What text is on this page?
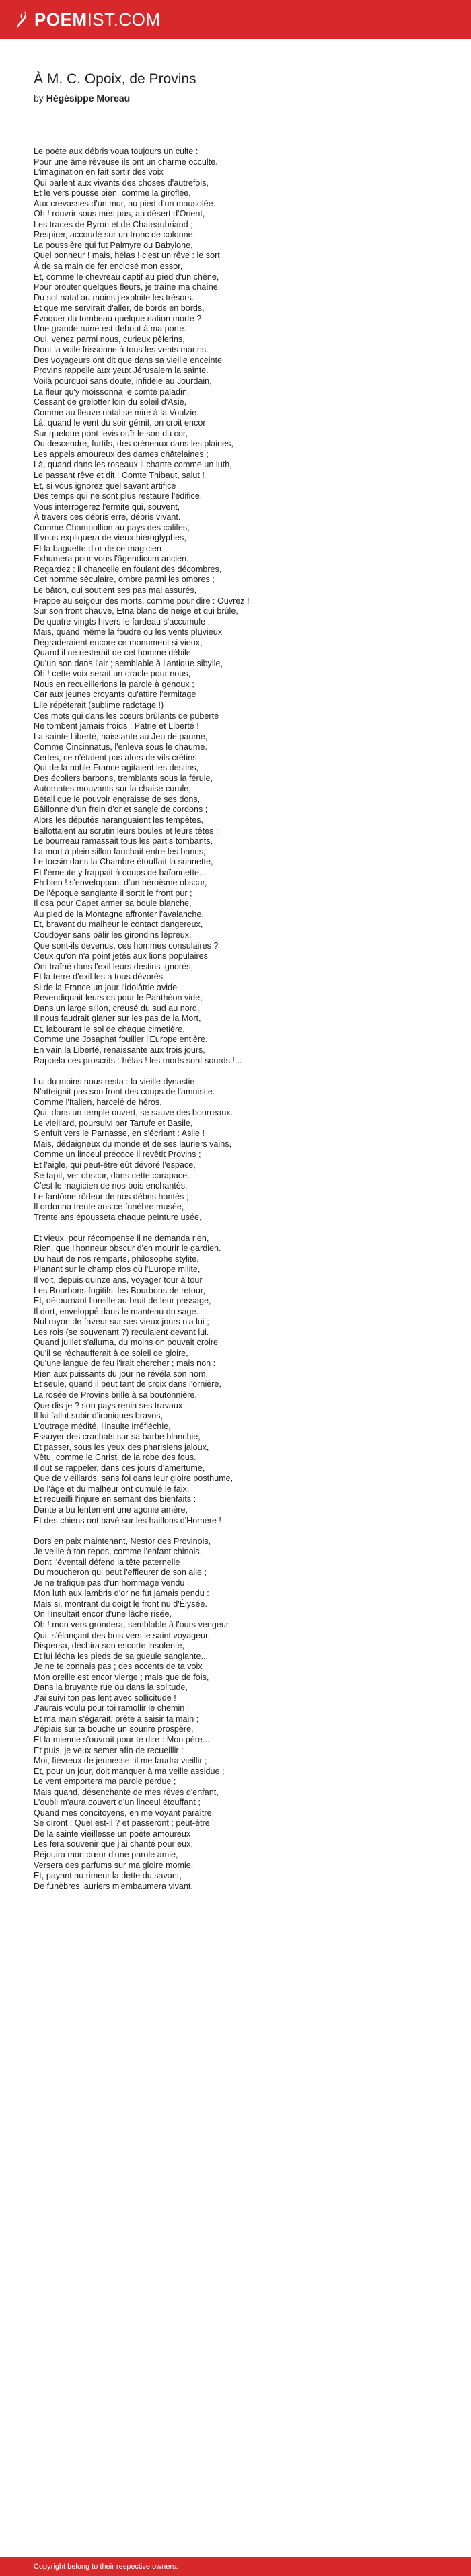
POEMIST.COM
À M. C. Opoix, de Provins
by Hégésippe Moreau
Le poète aux débris voua toujours un culte :
Pour une âme rêveuse ils ont un charme occulte.
L'imagination en fait sortir des voix
Qui parlent aux vivants des choses d'autrefois,
Et le vers pousse bien, comme la giroflée,
Aux crevasses d'un mur, au pied d'un mausolée.
Oh ! rouvrir sous mes pas, au désert d'Orient,
Les traces de Byron et de Chateaubriand ;
Respirer, accoudé sur un tronc de colonne,
La poussière qui fut Palmyre ou Babylone,
Quel bonheur ! mais, hélas ! c'est un rêve : le sort
À de sa main de fer enclosé mon essor,
Et, comme le chevreau captif au pied d'un chêne,
Pour brouter quelques fleurs, je traîne ma chaîne.
Du sol natal au moins j'exploite les trésors.
Et que me serviraît d'aller, de bords en bords,
Évoquer du tombeau quelque nation morte ?
Une grande ruine est debout à ma porte.
Oui, venez parmi nous, curieux pèlerins,
Dont la voile frissonne à tous les vents marins.
Des voyageurs ont dit que dans sa vieille enceinte
Provins rappelle aux yeux Jérusalem la sainte.
Voilà pourquoi sans doute, infidèle au Jourdain,
La fleur qu'y moissonna le comte paladin,
Cessant de grelotter loin du soleil d'Asie,
Comme au fleuve natal se mire à la Voulzie.
Là, quand le vent du soir gémit, on croit encor
Sur quelque pont-levis ouïr le son du cor,
Ou descendre, furtifs, des créneaux dans les plaines,
Les appels amoureux des dames châtelaines ;
Là, quand dans les roseaux il chante comme un luth,
Le passant rêve et dit : Comte Thibaut, salut !
Et, si vous ignorez quel savant artifice
Des temps qui ne sont plus restaure l'édifice,
Vous interrogerez l'ermite qui, souvent,
À travers ces débris erre, débris vivant.
Comme Champollion au pays des califes,
Il vous expliquera de vieux hiéroglyphes,
Et la baguette d'or de ce magicien
Exhumera pour vous l'âgendicum ancien.
Regardez : il chancelle en foulant des décombres,
Cet homme séculaire, ombre parmi les ombres ;
Le bâton, qui soutient ses pas mal assurés,
Frappe au seigour des morts, comme pour dire : Ouvrez !
Sur son front chauve, Etna blanc de neige et qui brûle,
De quatre-vingts hivers le fardeau s'accumule ;
Mais, quand même la foudre ou les vents pluvieux
Dégraderaient encore ce monument si vieux,
Quand il ne resterait de cet homme débile
Qu'un son dans l'air ; semblable à l'antique sibylle,
Oh ! cette voix serait un oracle pour nous,
Nous en recueillerions la parole à genoux ;
Car aux jeunes croyants qu'attire l'ermitage
Elle répéterait (sublime radotage !)
Ces mots qui dans les cœurs brûlants de puberté
Ne tombent jamais froids : Patrie et Liberté !
La sainte Liberté, naissante au Jeu de paume,
Comme Cincinnatus, l'enleva sous le chaume.
Certes, ce n'étaient pas alors de vils crétins
Qui de la noble France agitaient les destins,
Des écoliers barbons, tremblants sous la férule,
Automates mouvants sur la chaise curule,
Bétail que le pouvoir engraisse de ses dons,
Bâillonne d'un frein d'or et sangle de cordons ;
Alors les députés haranguaient les tempêtes,
Ballottaient au scrutin leurs boules et leurs têtes ;
Le bourreau ramassait tous les partis tombants,
La mort à plein sillon fauchait entre les bancs,
Le tocsin dans la Chambre étouffait la sonnette,
Et l'émeute y frappait à coups de baïonnette...
Eh bien ! s'enveloppant d'un héroïsme obscur,
De l'époque sanglante il sortit le front pur ;
Il osa pour Capet armer sa boule blanche,
Au pied de la Montagne affronter l'avalanche,
Et, bravant du malheur le contact dangereux,
Coudoyer sans pâlir les girondins lépreux.
Que sont-ils devenus, ces hommes consulaires ?
Ceux qu'on n'a point jetés aux lions populaires
Ont traîné dans l'exil leurs destins ignorés,
Et la terre d'exil les a tous dévorés.
Si de la France un jour l'idolâtrie avide
Revendiquait leurs os pour le Panthéon vide,
Dans un large sillon, creusé du sud au nord,
Il nous faudrait glaner sur les pas de la Mort,
Et, labourant le sol de chaque cimetière,
Comme une Josaphat fouiller l'Europe entière.
En vain la Liberté, renaissante aux trois jours,
Rappela ces proscrits : hélas ! les morts sont sourds !...
Lui du moins nous resta : la vieille dynastie
N'atteignit pas son front des coups de l'amnistie.
Comme l'Italien, harcelé de héros,
Qui, dans un temple ouvert, se sauve des bourreaux.
Le vieillard, poursuivi par Tartufe et Basile,
S'enfuit vers le Parnasse, en s'écriant : Asile !
Mais, dédaigneux du monde et de ses lauriers vains,
Comme un linceul précoce il revêtit Provins ;
Et l'aigle, qui peut-être eût dévoré l'espace,
Se tapit, ver obscur, dans cette carapace.
C'est le magicien de nos bois enchantés,
Le fantôme rôdeur de nos débris hantés ;
Il ordonna trente ans ce funèbre musée,
Trente ans épousseta chaque peinture usée,
Et vieux, pour récompense il ne demanda rien,
Rien, que l'honneur obscur d'en mourir le gardien.
Du haut de nos remparts, philosophe stylite,
Planant sur le champ clos où l'Europe milite,
Il voit, depuis quinze ans, voyager tour à tour
Les Bourbons fugitifs, les Bourbons de retour,
Et, détournant l'oreille au bruit de leur passage,
Il dort, enveloppé dans le manteau du sage.
Nul rayon de faveur sur ses vieux jours n'a lui ;
Les rois (se souvenant ?) reculaient devant lui.
Quand juillet s'alluma, du moins on pouvait croire
Qu'il se réchaufferait à ce soleil de gloire,
Qu'une langue de feu l'irait chercher ; mais non :
Rien aux puissants du jour ne révéla son nom,
Et seule, quand il peut tant de croix dans l'ornière,
La rosée de Provins brille à sa boutonnière.
Que dis-je ? son pays renia ses travaux ;
Il lui fallut subir d'ironiques bravos,
L'outrage médité, l'insulte irréfléchie,
Essuyer des crachats sur sa barbe blanchie,
Et passer, sous les yeux des pharisiens jaloux,
Vêtu, comme le Christ, de la robe des fous.
Il dut se rappeler, dans ces jours d'amertume,
Que de vieillards, sans foi dans leur gloire posthume,
De l'âge et du malheur ont cumulé le faix,
Et recueilli l'injure en semant des bienfaits :
Dante a bu lentement une agonie amère,
Et des chiens ont bavé sur les haillons d'Homère !
Dors en paix maintenant, Nestor des Provinois,
Je veille à ton repos, comme l'enfant chinois,
Dont l'éventail défend la tête paternelle
Du moucheron qui peut l'effleurer de son aile ;
Je ne trafique pas d'un hommage vendu :
Mon luth aux lambris d'or ne fut jamais pendu :
Mais si, montrant du doigt le front nu d'Élysée.
On l'insultait encor d'une lâche risée,
Oh ! mon vers grondera, semblable à l'ours vengeur
Qui, s'élançant des bois vers le saint voyageur,
Dispersa, déchira son escorte insolente,
Et lui lécha les pieds de sa gueule sanglante...
Je ne te connais pas ; des accents de ta voix
Mon oreille est encor vierge ; mais que de fois,
Dans la bruyante rue ou dans la solitude,
J'ai suivi ton pas lent avec sollicitude !
J'aurais voulu pour toi ramollir le chemin ;
Et ma main s'égarait, prête à saisir ta main ;
J'épiais sur ta bouche un sourire prospère,
Et la mienne s'ouvrait pour te dire : Mon père...
Et puis, je veux semer afin de recueillir :
Moi, fiévreux de jeunesse, il me faudra vieillir ;
Et, pour un jour, doit manquer à ma veille assidue ;
Le vent emportera ma parole perdue ;
Mais quand, désenchanté de mes rêves d'enfant,
L'oubli m'aura couvert d'un linceul étouffant ;
Quand mes concitoyens, en me voyant paraître,
Se diront : Quel est-il ? et passeront ; peut-être
De la sainte vieillesse un poète amoureux
Les fera souvenir que j'ai chanté pour eux,
Réjouira mon cœur d'une parole amie,
Versera des parfums sur ma gloire momie,
Et, payant au rimeur la dette du savant,
De funèbres lauriers m'embaumera vivant.
Copyright belong to their respective owners.
